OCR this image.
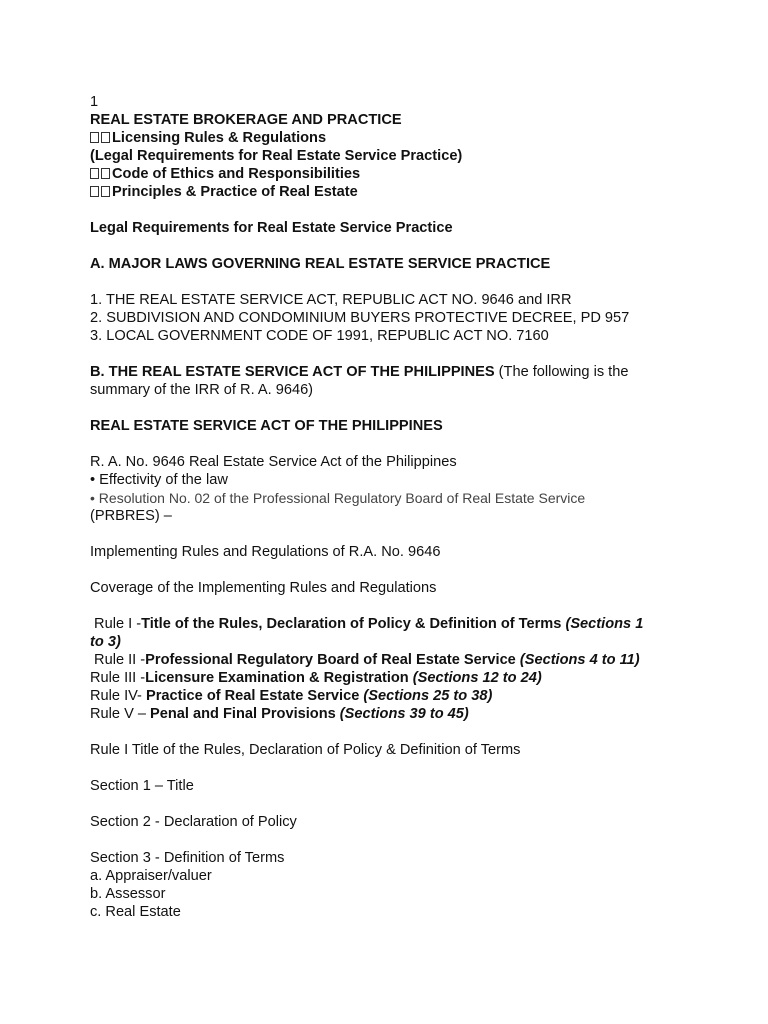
1
REAL ESTATE BROKERAGE AND PRACTICE
Licensing Rules & Regulations
(Legal Requirements for Real Estate Service Practice)
Code of Ethics and Responsibilities
Principles & Practice of Real Estate
Legal Requirements for Real Estate Service Practice
A. MAJOR LAWS GOVERNING REAL ESTATE SERVICE PRACTICE
1. THE REAL ESTATE SERVICE ACT, REPUBLIC ACT NO. 9646 and IRR
2. SUBDIVISION AND CONDOMINIUM BUYERS PROTECTIVE DECREE, PD 957
3. LOCAL GOVERNMENT CODE OF 1991, REPUBLIC ACT NO. 7160
B. THE REAL ESTATE SERVICE ACT OF THE PHILIPPINES (The following is the
summary of the IRR of R. A. 9646)
REAL ESTATE SERVICE ACT OF THE PHILIPPINES
R. A. No. 9646 Real Estate Service Act of the Philippines
• Effectivity of the law
• Resolution No. 02 of the Professional Regulatory Board of Real Estate Service
(PRBRES) –
Implementing Rules and Regulations of R.A. No. 9646
Coverage of the Implementing Rules and Regulations
Rule I -Title of the Rules, Declaration of Policy & Definition of Terms (Sections 1
to 3)
Rule II -Professional Regulatory Board of Real Estate Service (Sections 4 to 11)
Rule III -Licensure Examination & Registration (Sections 12 to 24)
Rule IV- Practice of Real Estate Service (Sections 25 to 38)
Rule V – Penal and Final Provisions (Sections 39 to 45)
Rule I Title of the Rules, Declaration of Policy & Definition of Terms
Section 1 – Title
Section 2 - Declaration of Policy
Section 3 - Definition of Terms
a. Appraiser/valuer
b. Assessor
c. Real Estate
